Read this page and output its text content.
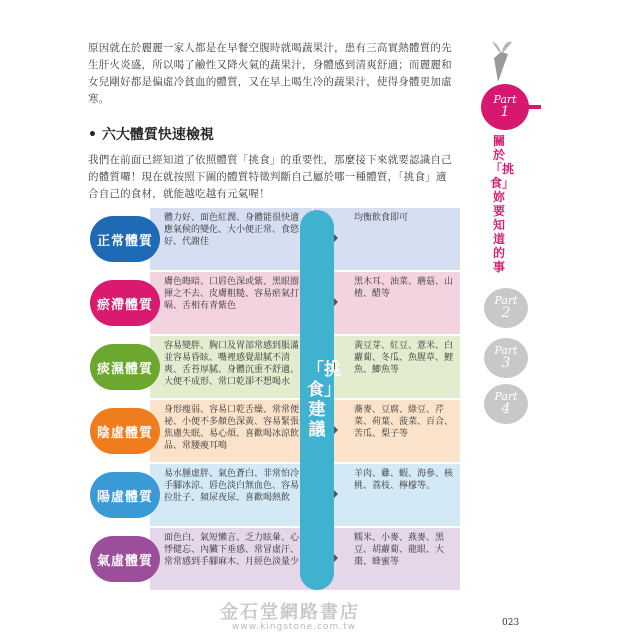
原因就在於麗麗一家人都是在早餐空腹時就喝蔬果汁，患有三高實熱體質的先生肝火炎盛，所以喝了鹼性又降火氣的蔬果汁，身體感到清爽舒適；而麗麗和女兒剛好都是偏虛冷貧血的體質，又在早上喝生冷的蔬果汁，使得身體更加虛寒。

• 六大體質快速檢視

我們在前面已經知道了依照體質「挑食」的重要性，那麼接下來就要認識自己的體質囉！現在就按照下圖的體質特徵判斷自己屬於哪一種體質，「挑食」適合自己的食材，就能越吃越有元氣喔！

Part
1
關於「挑食」妳要知道的事
Part
2
Part
3
Part
4
正常體質
體力好、面色紅潤、身體能很快適應氣候的變化、大小便正常、食慾好、代謝佳
均衡飲食即可
瘀滯體質
膚色晦暗、口唇色深或紫、黑眼圈揮之不去、皮膚粗糙、容易瘀氣打嗝、舌相有青紫色
黑木耳、油菜、蘑菇、山楂、醋等
痰濕體質
容易變胖、胸口及胃部常感到脹滿並容易昏眩、嘴裡感覺甜膩不清爽、舌苔厚膩、身體沉重不舒適、大便不成形、常口乾卻不想喝水
黃豆芽、紅豆、薏米、白蘿蔔、冬瓜、魚腥草、鯉魚、鯽魚等
陰虛體質
身形瘦弱、容易口乾舌燥、常常便祕、小便不多顏色深黃、容易緊張焦慮失眠、易心煩、喜歡喝冰涼飲品、常腰痠耳鳴
蕎麥、豆腐、綠豆、芹菜、荷葉、菠菜、百合、苦瓜、梨子等
陽虛體質
易水腫虛胖、氣色蒼白、非常怕冷手腳冰涼、唇色淡白無血色、容易拉肚子、頻尿夜尿、喜歡喝熱飲
羊肉、雞、蝦、海參、核桃、荔枝、檸檬等。
氣虛體質
面色白、氣短懶言、乏力眩暈、心悸健忘、內臟下垂感、常冒虛汗、常常感到手腳麻木、月經色淡量少
糯米、小麥、燕麥、黑豆、胡蘿蔔、龍眼、大棗、蜂蜜等
「挑食」建議
金石堂網路書店
www.kingstone.com.tw	023
